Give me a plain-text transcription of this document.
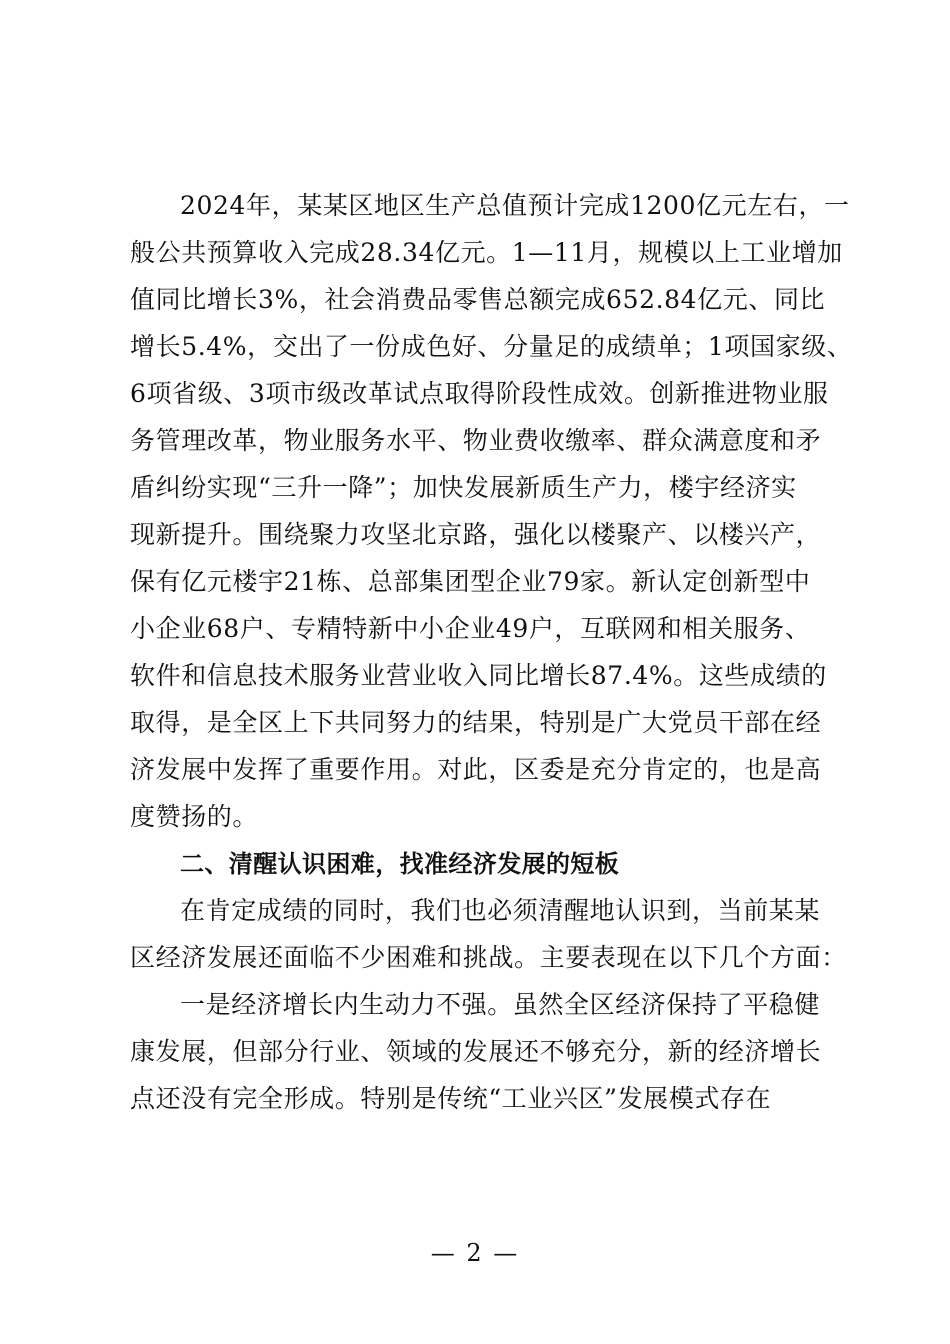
2024年，某某区地区生产总值预计完成1200亿元左右，一
般公共预算收入完成28.34亿元。1—11月，规模以上工业增加
值同比增长3%，社会消费品零售总额完成652.84亿元、同比
增长5.4%，交出了一份成色好、分量足的成绩单；1项国家级、
6项省级、3项市级改革试点取得阶段性成效。创新推进物业服
务管理改革，物业服务水平、物业费收缴率、群众满意度和矛
盾纠纷实现“三升一降”；加快发展新质生产力，楼宇经济实
现新提升。围绕聚力攻坚北京路，强化以楼聚产、以楼兴产，
保有亿元楼宇21栋、总部集团型企业79家。新认定创新型中
小企业68户、专精特新中小企业49户，互联网和相关服务、
软件和信息技术服务业营业收入同比增长87.4%。这些成绩的
取得，是全区上下共同努力的结果，特别是广大党员干部在经
济发展中发挥了重要作用。对此，区委是充分肯定的，也是高
度赞扬的。
二、清醒认识困难，找准经济发展的短板
在肯定成绩的同时，我们也必须清醒地认识到，当前某某
区经济发展还面临不少困难和挑战。主要表现在以下几个方面：
一是经济增长内生动力不强。虽然全区经济保持了平稳健
康发展，但部分行业、领域的发展还不够充分，新的经济增长
点还没有完全形成。特别是传统“工业兴区”发展模式存在
— 2 —
